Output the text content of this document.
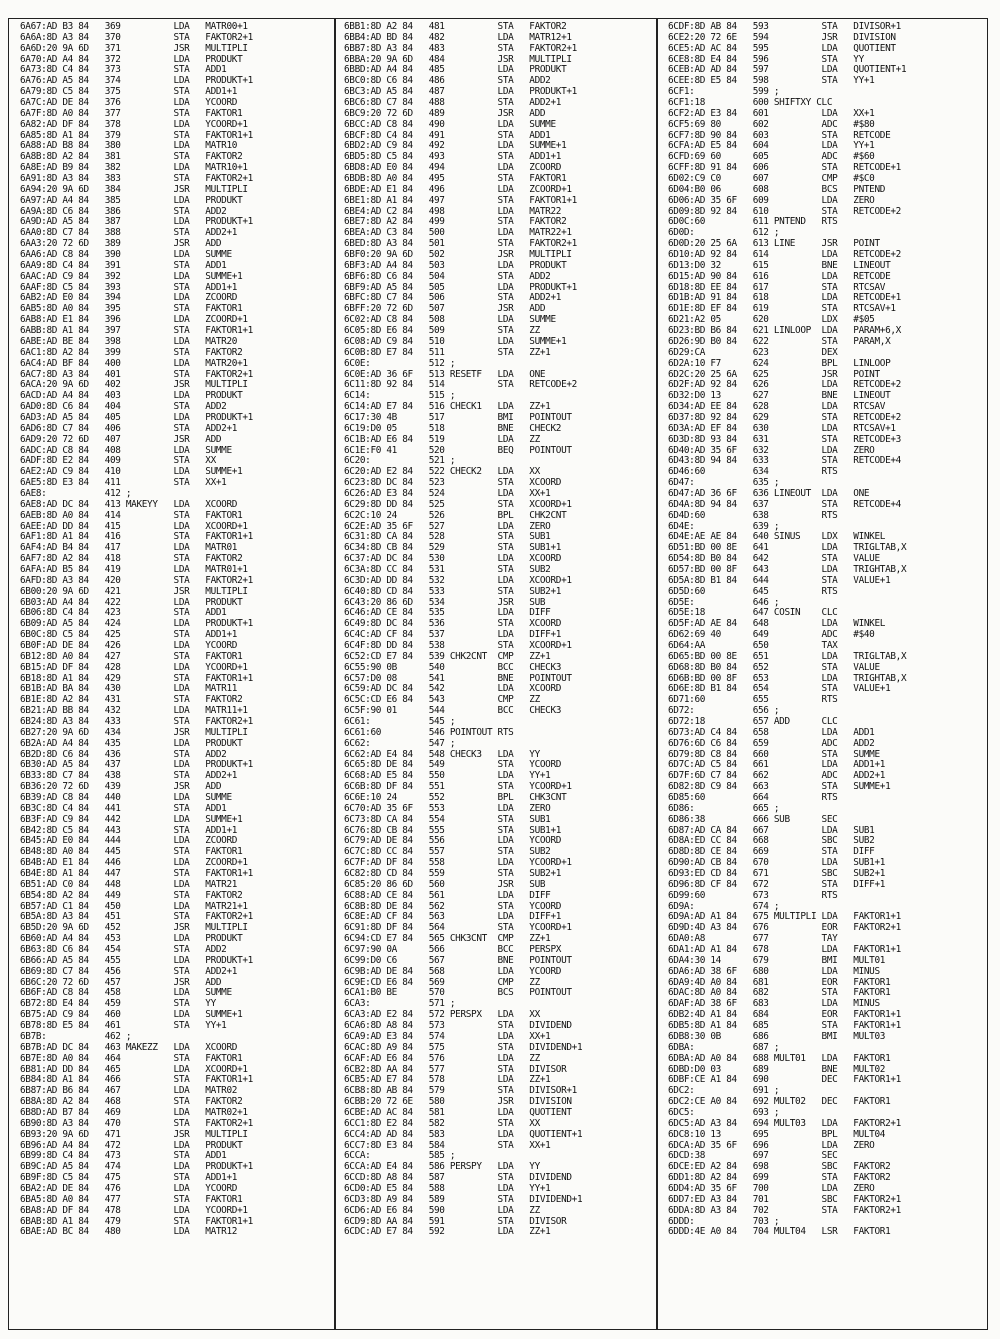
6A67:AD B3 84   369          LDA   MATR00+1
6A6A:8D A3 84   370          STA   FAKTOR2+1
6A6D:20 9A 6D   371          JSR   MULTIPLI
6A70:AD A4 84   372          LDA   PRODUKT
6A73:8D C4 84   373          STA   ADD1
6A76:AD A5 84   374          LDA   PRODUKT+1
6A79:8D C5 84   375          STA   ADD1+1
6A7C:AD DE 84   376          LDA   YCOORD
6A7F:8D A0 84   377          STA   FAKTOR1
6A82:AD DF 84   378          LDA   YCOORD+1
6A85:8D A1 84   379          STA   FAKTOR1+1
6A88:AD B8 84   380          LDA   MATR10
6A8B:8D A2 84   381          STA   FAKTOR2
6A8E:AD B9 84   382          LDA   MATR10+1
6A91:8D A3 84   383          STA   FAKTOR2+1
6A94:20 9A 6D   384          JSR   MULTIPLI
6A97:AD A4 84   385          LDA   PRODUKT
6A9A:8D C6 84   386          STA   ADD2
6A9D:AD A5 84   387          LDA   PRODUKT+1
6AA0:8D C7 84   388          STA   ADD2+1
6AA3:20 72 6D   389          JSR   ADD
6AA6:AD C8 84   390          LDA   SUMME
6AA9:8D C4 84   391          STA   ADD1
6AAC:AD C9 84   392          LDA   SUMME+1
6AAF:8D C5 84   393          STA   ADD1+1
6AB2:AD E0 84   394          LDA   ZCOORD
6AB5:8D A0 84   395          STA   FAKTOR1
6AB8:AD E1 84   396          LDA   ZCOORD+1
6ABB:8D A1 84   397          STA   FAKTOR1+1
6ABE:AD BE 84   398          LDA   MATR20
6AC1:8D A2 84   399          STA   FAKTOR2
6AC4:AD BF 84   400          LDA   MATR20+1
6AC7:8D A3 84   401          STA   FAKTOR2+1
6ACA:20 9A 6D   402          JSR   MULTIPLI
6ACD:AD A4 84   403          LDA   PRODUKT
6AD0:8D C6 84   404          STA   ADD2
6AD3:AD A5 84   405          LDA   PRODUKT+1
6AD6:8D C7 84   406          STA   ADD2+1
6AD9:20 72 6D   407          JSR   ADD
6ADC:AD C8 84   408          LDA   SUMME
6ADF:8D E2 84   409          STA   XX
6AE2:AD C9 84   410          LDA   SUMME+1
6AE5:8D E3 84   411          STA   XX+1
6AE8:           412 ;
6AE8:AD DC 84   413 MAKEYY   LDA   XCOORD
6AEB:8D A0 84   414          STA   FAKTOR1
6AEE:AD DD 84   415          LDA   XCOORD+1
6AF1:8D A1 84   416          STA   FAKTOR1+1
6AF4:AD B4 84   417          LDA   MATR01
6AF7:8D A2 84   418          STA   FAKTOR2
6AFA:AD B5 84   419          LDA   MATR01+1
6AFD:8D A3 84   420          STA   FAKTOR2+1
6B00:20 9A 6D   421          JSR   MULTIPLI
6B03:AD A4 84   422          LDA   PRODUKT
6B06:8D C4 84   423          STA   ADD1
6B09:AD A5 84   424          LDA   PRODUKT+1
6B0C:8D C5 84   425          STA   ADD1+1
6B0F:AD DE 84   426          LDA   YCOORD
6B12:8D A0 84   427          STA   FAKTOR1
6B15:AD DF 84   428          LDA   YCOORD+1
6B18:8D A1 84   429          STA   FAKTOR1+1
6B1B:AD BA 84   430          LDA   MATR11
6B1E:8D A2 84   431          STA   FAKTOR2
6B21:AD BB 84   432          LDA   MATR11+1
6B24:8D A3 84   433          STA   FAKTOR2+1
6B27:20 9A 6D   434          JSR   MULTIPLI
6B2A:AD A4 84   435          LDA   PRODUKT
6B2D:8D C6 84   436          STA   ADD2
6B30:AD A5 84   437          LDA   PRODUKT+1
6B33:8D C7 84   438          STA   ADD2+1
6B36:20 72 6D   439          JSR   ADD
6B39:AD C8 84   440          LDA   SUMME
6B3C:8D C4 84   441          STA   ADD1
6B3F:AD C9 84   442          LDA   SUMME+1
6B42:8D C5 84   443          STA   ADD1+1
6B45:AD E0 84   444          LDA   ZCOORD
6B48:8D A0 84   445          STA   FAKTOR1
6B4B:AD E1 84   446          LDA   ZCOORD+1
6B4E:8D A1 84   447          STA   FAKTOR1+1
6B51:AD C0 84   448          LDA   MATR21
6B54:8D A2 84   449          STA   FAKTOR2
6B57:AD C1 84   450          LDA   MATR21+1
6B5A:8D A3 84   451          STA   FAKTOR2+1
6B5D:20 9A 6D   452          JSR   MULTIPLI
6B60:AD A4 84   453          LDA   PRODUKT
6B63:8D C6 84   454          STA   ADD2
6B66:AD A5 84   455          LDA   PRODUKT+1
6B69:8D C7 84   456          STA   ADD2+1
6B6C:20 72 6D   457          JSR   ADD
6B6F:AD C8 84   458          LDA   SUMME
6B72:8D E4 84   459          STA   YY
6B75:AD C9 84   460          LDA   SUMME+1
6B78:8D E5 84   461          STA   YY+1
6B7B:           462 ;
6B7B:AD DC 84   463 MAKEZZ   LDA   XCOORD
6B7E:8D A0 84   464          STA   FAKTOR1
6B81:AD DD 84   465          LDA   XCOORD+1
6B84:8D A1 84   466          STA   FAKTOR1+1
6B87:AD B6 84   467          LDA   MATR02
6B8A:8D A2 84   468          STA   FAKTOR2
6B8D:AD B7 84   469          LDA   MATR02+1
6B90:8D A3 84   470          STA   FAKTOR2+1
6B93:20 9A 6D   471          JSR   MULTIPLI
6B96:AD A4 84   472          LDA   PRODUKT
6B99:8D C4 84   473          STA   ADD1
6B9C:AD A5 84   474          LDA   PRODUKT+1
6B9F:8D C5 84   475          STA   ADD1+1
6BA2:AD DE 84   476          LDA   YCOORD
6BA5:8D A0 84   477          STA   FAKTOR1
6BA8:AD DF 84   478          LDA   YCOORD+1
6BAB:8D A1 84   479          STA   FAKTOR1+1
6BAE:AD BC 84   480          LDA   MATR12
6BB1:8D A2 84   481          STA   FAKTOR2
6BB4:AD BD 84   482          LDA   MATR12+1
6BB7:8D A3 84   483          STA   FAKTOR2+1
6BBA:20 9A 6D   484          JSR   MULTIPLI
6BBD:AD A4 84   485          LDA   PRODUKT
6BC0:8D C6 84   486          STA   ADD2
6BC3:AD A5 84   487          LDA   PRODUKT+1
6BC6:8D C7 84   488          STA   ADD2+1
6BC9:20 72 6D   489          JSR   ADD
6BCC:AD C8 84   490          LDA   SUMME
6BCF:8D C4 84   491          STA   ADD1
6BD2:AD C9 84   492          LDA   SUMME+1
6BD5:8D C5 84   493          STA   ADD1+1
6BD8:AD E0 84   494          LDA   ZCOORD
6BDB:8D A0 84   495          STA   FAKTOR1
6BDE:AD E1 84   496          LDA   ZCOORD+1
6BE1:8D A1 84   497          STA   FAKTOR1+1
6BE4:AD C2 84   498          LDA   MATR22
6BE7:8D A2 84   499          STA   FAKTOR2
6BEA:AD C3 84   500          LDA   MATR22+1
6BED:8D A3 84   501          STA   FAKTOR2+1
6BF0:20 9A 6D   502          JSR   MULTIPLI
6BF3:AD A4 84   503          LDA   PRODUKT
6BF6:8D C6 84   504          STA   ADD2
6BF9:AD A5 84   505          LDA   PRODUKT+1
6BFC:8D C7 84   506          STA   ADD2+1
6BFF:20 72 6D   507          JSR   ADD
6C02:AD C8 84   508          LDA   SUMME
6C05:8D E6 84   509          STA   ZZ
6C08:AD C9 84   510          LDA   SUMME+1
6C0B:8D E7 84   511          STA   ZZ+1
6C0E:           512 ;
6C0E:AD 36 6F   513 RESETF   LDA   ONE
6C11:8D 92 84   514          STA   RETCODE+2
6C14:           515 ;
6C14:AD E7 84   516 CHECK1   LDA   ZZ+1
6C17:30 4B      517          BMI   POINTOUT
6C19:D0 05      518          BNE   CHECK2
6C1B:AD E6 84   519          LDA   ZZ
6C1E:F0 41      520          BEQ   POINTOUT
6C20:           521 ;
6C20:AD E2 84   522 CHECK2   LDA   XX
6C23:8D DC 84   523          STA   XCOORD
6C26:AD E3 84   524          LDA   XX+1
6C29:8D DD 84   525          STA   XCOORD+1
6C2C:10 24      526          BPL   CHK2CNT
6C2E:AD 35 6F   527          LDA   ZERO
6C31:8D CA 84   528          STA   SUB1
6C34:8D CB 84   529          STA   SUB1+1
6C37:AD DC 84   530          LDA   XCOORD
6C3A:8D CC 84   531          STA   SUB2
6C3D:AD DD 84   532          LDA   XCOORD+1
6C40:8D CD 84   533          STA   SUB2+1
6C43:20 86 6D   534          JSR   SUB
6C46:AD CE 84   535          LDA   DIFF
6C49:8D DC 84   536          STA   XCOORD
6C4C:AD CF 84   537          LDA   DIFF+1
6C4F:8D DD 84   538          STA   XCOORD+1
6C52:CD E7 84   539 CHK2CNT  CMP   ZZ+1
6C55:90 0B      540          BCC   CHECK3
6C57:D0 08      541          BNE   POINTOUT
6C59:AD DC 84   542          LDA   XCOORD
6C5C:CD E6 84   543          CMP   ZZ
6C5F:90 01      544          BCC   CHECK3
6C61:           545 ;
6C61:60         546 POINTOUT RTS
6C62:           547 ;
6C62:AD E4 84   548 CHECK3   LDA   YY
6C65:8D DE 84   549          STA   YCOORD
6C68:AD E5 84   550          LDA   YY+1
6C6B:8D DF 84   551          STA   YCOORD+1
6C6E:10 24      552          BPL   CHK3CNT
6C70:AD 35 6F   553          LDA   ZERO
6C73:8D CA 84   554          STA   SUB1
6C76:8D CB 84   555          STA   SUB1+1
6C79:AD DE 84   556          LDA   YCOORD
6C7C:8D CC 84   557          STA   SUB2
6C7F:AD DF 84   558          LDA   YCOORD+1
6C82:8D CD 84   559          STA   SUB2+1
6C85:20 86 6D   560          JSR   SUB
6C88:AD CE 84   561          LDA   DIFF
6C8B:8D DE 84   562          STA   YCOORD
6C8E:AD CF 84   563          LDA   DIFF+1
6C91:8D DF 84   564          STA   YCOORD+1
6C94:CD E7 84   565 CHK3CNT  CMP   ZZ+1
6C97:90 0A      566          BCC   PERSPX
6C99:D0 C6      567          BNE   POINTOUT
6C9B:AD DE 84   568          LDA   YCOORD
6C9E:CD E6 84   569          CMP   ZZ
6CA1:B0 BE      570          BCS   POINTOUT
6CA3:           571 ;
6CA3:AD E2 84   572 PERSPX   LDA   XX
6CA6:8D A8 84   573          STA   DIVIDEND
6CA9:AD E3 84   574          LDA   XX+1
6CAC:8D A9 84   575          STA   DIVIDEND+1
6CAF:AD E6 84   576          LDA   ZZ
6CB2:8D AA 84   577          STA   DIVISOR
6CB5:AD E7 84   578          LDA   ZZ+1
6CB8:8D AB 84   579          STA   DIVISOR+1
6CBB:20 72 6E   580          JSR   DIVISION
6CBE:AD AC 84   581          LDA   QUOTIENT
6CC1:8D E2 84   582          STA   XX
6CC4:AD AD 84   583          LDA   QUOTIENT+1
6CC7:8D E3 84   584          STA   XX+1
6CCA:           585 ;
6CCA:AD E4 84   586 PERSPY   LDA   YY
6CCD:8D A8 84   587          STA   DIVIDEND
6CD0:AD E5 84   588          LDA   YY+1
6CD3:8D A9 84   589          STA   DIVIDEND+1
6CD6:AD E6 84   590          LDA   ZZ
6CD9:8D AA 84   591          STA   DIVISOR
6CDC:AD E7 84   592          LDA   ZZ+1
6CDF:8D AB 84   593          STA   DIVISOR+1
6CE2:20 72 6E   594          JSR   DIVISION
6CE5:AD AC 84   595          LDA   QUOTIENT
6CE8:8D E4 84   596          STA   YY
6CEB:AD AD 84   597          LDA   QUOTIENT+1
6CEE:8D E5 84   598          STA   YY+1
6CF1:           599 ;
6CF1:18         600 SHIFTXY CLC
6CF2:AD E3 84   601          LDA   XX+1
6CF5:69 80      602          ADC   #$80
6CF7:8D 90 84   603          STA   RETCODE
6CFA:AD E5 84   604          LDA   YY+1
6CFD:69 60      605          ADC   #$60
6CFF:8D 91 84   606          STA   RETCODE+1
6D02:C9 C0      607          CMP   #$C0
6D04:B0 06      608          BCS   PNTEND
6D06:AD 35 6F   609          LDA   ZERO
6D09:8D 92 84   610          STA   RETCODE+2
6D0C:60         611 PNTEND   RTS
6D0D:           612 ;
6D0D:20 25 6A   613 LINE     JSR   POINT
6D10:AD 92 84   614          LDA   RETCODE+2
6D13:D0 32      615          BNE   LINEOUT
6D15:AD 90 84   616          LDA   RETCODE
6D18:8D EE 84   617          STA   RTCSAV
6D1B:AD 91 84   618          LDA   RETCODE+1
6D1E:8D EF 84   619          STA   RTCSAV+1
6D21:A2 05      620          LDX   #$05
6D23:BD B6 84   621 LINLOOP  LDA   PARAM+6,X
6D26:9D B0 84   622          STA   PARAM,X
6D29:CA         623          DEX
6D2A:10 F7      624          BPL   LINLOOP
6D2C:20 25 6A   625          JSR   POINT
6D2F:AD 92 84   626          LDA   RETCODE+2
6D32:D0 13      627          BNE   LINEOUT
6D34:AD EE 84   628          LDA   RTCSAV
6D37:8D 92 84   629          STA   RETCODE+2
6D3A:AD EF 84   630          LDA   RTCSAV+1
6D3D:8D 93 84   631          STA   RETCODE+3
6D40:AD 35 6F   632          LDA   ZERO
6D43:8D 94 84   633          STA   RETCODE+4
6D46:60         634          RTS
6D47:           635 ;
6D47:AD 36 6F   636 LINEOUT  LDA   ONE
6D4A:8D 94 84   637          STA   RETCODE+4
6D4D:60         638          RTS
6D4E:           639 ;
6D4E:AE AE 84   640 SINUS    LDX   WINKEL
6D51:BD 00 8E   641          LDA   TRIGLTAB,X
6D54:8D B0 84   642          STA   VALUE
6D57:BD 00 8F   643          LDA   TRIGHTAB,X
6D5A:8D B1 84   644          STA   VALUE+1
6D5D:60         645          RTS
6D5E:           646 ;
6D5E:18         647 COSIN    CLC
6D5F:AD AE 84   648          LDA   WINKEL
6D62:69 40      649          ADC   #$40
6D64:AA         650          TAX
6D65:BD 00 8E   651          LDA   TRIGLTAB,X
6D68:8D B0 84   652          STA   VALUE
6D6B:BD 00 8F   653          LDA   TRIGHTAB,X
6D6E:8D B1 84   654          STA   VALUE+1
6D71:60         655          RTS
6D72:           656 ;
6D72:18         657 ADD      CLC
6D73:AD C4 84   658          LDA   ADD1
6D76:6D C6 84   659          ADC   ADD2
6D79:8D C8 84   660          STA   SUMME
6D7C:AD C5 84   661          LDA   ADD1+1
6D7F:6D C7 84   662          ADC   ADD2+1
6D82:8D C9 84   663          STA   SUMME+1
6D85:60         664          RTS
6D86:           665 ;
6D86:38         666 SUB      SEC
6D87:AD CA 84   667          LDA   SUB1
6D8A:ED CC 84   668          SBC   SUB2
6D8D:8D CE 84   669          STA   DIFF
6D90:AD CB 84   670          LDA   SUB1+1
6D93:ED CD 84   671          SBC   SUB2+1
6D96:8D CF 84   672          STA   DIFF+1
6D99:60         673          RTS
6D9A:           674 ;
6D9A:AD A1 84   675 MULTIPLI LDA   FAKTOR1+1
6D9D:4D A3 84   676          EOR   FAKTOR2+1
6DA0:A8         677          TAY
6DA1:AD A1 84   678          LDA   FAKTOR1+1
6DA4:30 14      679          BMI   MULT01
6DA6:AD 38 6F   680          LDA   MINUS
6DA9:4D A0 84   681          EOR   FAKTOR1
6DAC:8D A0 84   682          STA   FAKTOR1
6DAF:AD 38 6F   683          LDA   MINUS
6DB2:4D A1 84   684          EOR   FAKTOR1+1
6DB5:8D A1 84   685          STA   FAKTOR1+1
6DB8:30 0B      686          BMI   MULT03
6DBA:           687 ;
6DBA:AD A0 84   688 MULT01   LDA   FAKTOR1
6DBD:D0 03      689          BNE   MULT02
6DBF:CE A1 84   690          DEC   FAKTOR1+1
6DC2:           691 ;
6DC2:CE A0 84   692 MULT02   DEC   FAKTOR1
6DC5:           693 ;
6DC5:AD A3 84   694 MULT03   LDA   FAKTOR2+1
6DC8:10 13      695          BPL   MULT04
6DCA:AD 35 6F   696          LDA   ZERO
6DCD:38         697          SEC
6DCE:ED A2 84   698          SBC   FAKTOR2
6DD1:8D A2 84   699          STA   FAKTOR2
6DD4:AD 35 6F   700          LDA   ZERO
6DD7:ED A3 84   701          SBC   FAKTOR2+1
6DDA:8D A3 84   702          STA   FAKTOR2+1
6DDD:           703 ;
6DDD:4E A0 84   704 MULT04   LSR   FAKTOR1
